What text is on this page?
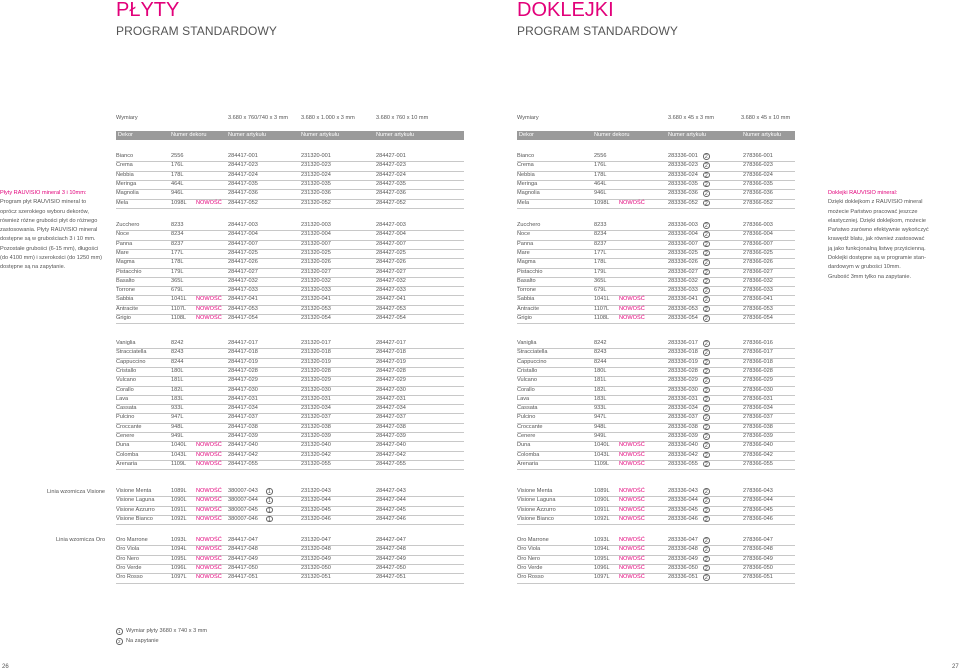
PŁYTY
PROGRAM STANDARDOWY
Wymiary	3.680 x 760/740 x 3 mm 3.680 x 1.000 x 3 mm	3.680 x 760 x 10 mm
Dekor	Numer dekoru	Numer artykułu	Numer artykułu	Numer artykułu
Płyty RAUVISIO mineral 3 i 10mm:
Program płyt RAUVISIO mineral to
oprócz szerokiego wyboru dekorów,
również różne grubości płyt do różnego
zastosowania. Płyty RAUVISIO mineral
dostępne są w grubościach 3 i 10 mm.
Pozostałe grubości (6-15 mm), długości
(do 4100 mm) i szerokości (do 1250 mm)
dostępne są na zapytanie.
Bianco	2556	284417-001	231320-001	284427-001
Crema	176L	284417-023	231320-023	284427-023
Nebbia	178L	284417-024	231320-024	284427-024
Meringa	464L	284417-035	231320-035	284427-035
Magnolia	946L	284417-036	231320-036	284427-036
Mela	1098L NOWOŚĆ 284417-052	231320-052	284427-052
Zucchero	8233	284417-003	231320-003	284427-003
Noce	8234	284417-004	231320-004	284427-004
Panna	8237	284417-007	231320-007	284427-007
Mare	177L	284417-025	231320-025	284427-025
Magma	178L	284417-026	231320-026	284427-026
Pistacchio	179L	284417-027	231320-027	284427-027
Basalto	365L	284417-032	231320-032	284427-032
Torrone	679L	284417-033	231320-033	284427-033
Sabbia	1041L NOWOŚĆ 284417-041	231320-041	284427-041
Antracite	1107L NOWOŚĆ 284417-053	231320-053	284427-053
Grigio	1108L NOWOŚĆ 284417-054	231320-054	284427-054
Vaniglia	8242	284417-017	231320-017	284427-017
Stracciatella	8243	284417-018	231320-018	284427-018
Cappuccino	8244	284417-019	231320-019	284427-019
Cristallo	180L	284417-028	231320-028	284427-028
Vulcano	181L	284417-029	231320-029	284427-029
Corallo	182L	284417-030	231320-030	284427-030
Lava	183L	284417-031	231320-031	284427-031
Cassata	933L	284417-034	231320-034	284427-034
Pulcino	947L	284417-037	231320-037	284427-037
Croccante	948L	284417-038	231320-038	284427-038
Cenere	949L	284417-039	231320-039	284427-039
Duna	1040L NOWOŚĆ 284417-040	231320-040	284427-040
Colomba	1043L NOWOŚĆ 284417-042	231320-042	284427-042
Arenaria	1109L NOWOŚĆ 284417-055	231320-055	284427-055
Visione Menta	1089L NOWOŚĆ 380007-043	1	231320-043	284427-043
Visione Laguna	1090L NOWOŚĆ 380007-044	1	231320-044	284427-044
Visione Azzurro	1091L NOWOŚĆ 380007-045	1	231320-045	284427-045
Visione Bianco	1092L NOWOŚĆ 380007-046	1	231320-046	284427-046
Oro Marrone	1093L NOWOŚĆ 284417-047	231320-047	284427-047
Oro Viola	1094L NOWOŚĆ 284417-048	231320-048	284427-048
Oro Nero	1095L NOWOŚĆ 284417-049	231320-049	284427-049
Oro Verde	1096L NOWOŚĆ 284417-050	231320-050	284427-050
Oro Rosso	1097L NOWOŚĆ 284417-051	231320-051	284427-051
Linia wzornicza Visione
Linia wzornicza Oro
1 Wymiar płyty 3680 x 740 x 3 mm
2 Na zapytanie
26
DOKLEJKI
PROGRAM STANDARDOWY
Wymiary	3.680 x 45 x 3 mm	3.680 x 45 x 10 mm
Dekor	Numer dekoru	Numer artykułu	Numer artykułu
Doklejki RAUVISIO mineral:
Dzięki doklejkom z RAUVISIO mineral
możecie Państwo pracować jeszcze
elastyczniej. Dzięki doklejkom, możecie
Państwo zarówno efektywnie wykończyć
krawędź blatu, jak również zastosować
ją jako funkcjonalną listwę przyścienną.
Doklejki dostępne są w programie stan-
dardowym w grubości 10mm.
Grubość 3mm tylko na zapytanie.
Bianco	2556	283336-001	2	278366-001
Crema	176L	283336-023	2	278366-023
Nebbia	178L	283336-024	2	278366-024
Meringa	464L	283336-035	2	278366-035
Magnolia	946L	283336-036	2	278366-036
Mela	1098L NOWOŚĆ	283336-052	2	278366-052
Zucchero	8233	283336-003	2	278366-003
Noce	8234	283336-004	2	278366-004
Panna	8237	283336-007	2	278366-007
Mare	177L	283336-025	2	278366-025
Magma	178L	283336-026	2	278366-026
Pistacchio	179L	283336-027	2	278366-027
Basalto	365L	283336-032	2	278366-032
Torrone	679L	283336-033	2	278366-033
Sabbia	1041L NOWOŚĆ	283336-041	2	278366-041
Antracite	1107L NOWOŚĆ	283336-053	2	278366-053
Grigio	1108L NOWOŚĆ	283336-054	2	278366-054
Vaniglia	8242	283336-017	2	278366-016
Stracciatella	8243	283336-018	2	278366-017
Cappuccino	8244	283336-019	2	278366-018
Cristallo	180L	283336-028	2	278366-028
Vulcano	181L	283336-029	2	278366-029
Corallo	182L	283336-030	2	278366-030
Lava	183L	283336-031	2	278366-031
Cassata	933L	283336-034	2	278366-034
Pulcino	947L	283336-037	2	278366-037
Croccante	948L	283336-038	2	278366-038
Cenere	949L	283336-039	2	278366-039
Duna	1040L NOWOŚĆ	283336-040	2	278366-040
Colomba	1043L NOWOŚĆ	283336-042	2	278366-042
Arenaria	1109L NOWOŚĆ	283336-055	2	278366-055
Visione Menta	1089L NOWOŚĆ	283336-043	2	278366-043
Visione Laguna	1090L NOWOŚĆ	283336-044	2	278366-044
Visione Azzurro	1091L NOWOŚĆ	283336-045	2	278366-045
Visione Bianco	1092L NOWOŚĆ	283336-046	2	278366-046
Oro Marrone	1093L NOWOŚĆ	283336-047	2	278366-047
Oro Viola	1094L NOWOŚĆ	283336-048	2	278366-048
Oro Nero	1095L NOWOŚĆ	283336-049	2	278366-049
Oro Verde	1096L NOWOŚĆ	283336-050	2	278366-050
Oro Rosso	1097L NOWOŚĆ	283336-051	2	278366-051
27
